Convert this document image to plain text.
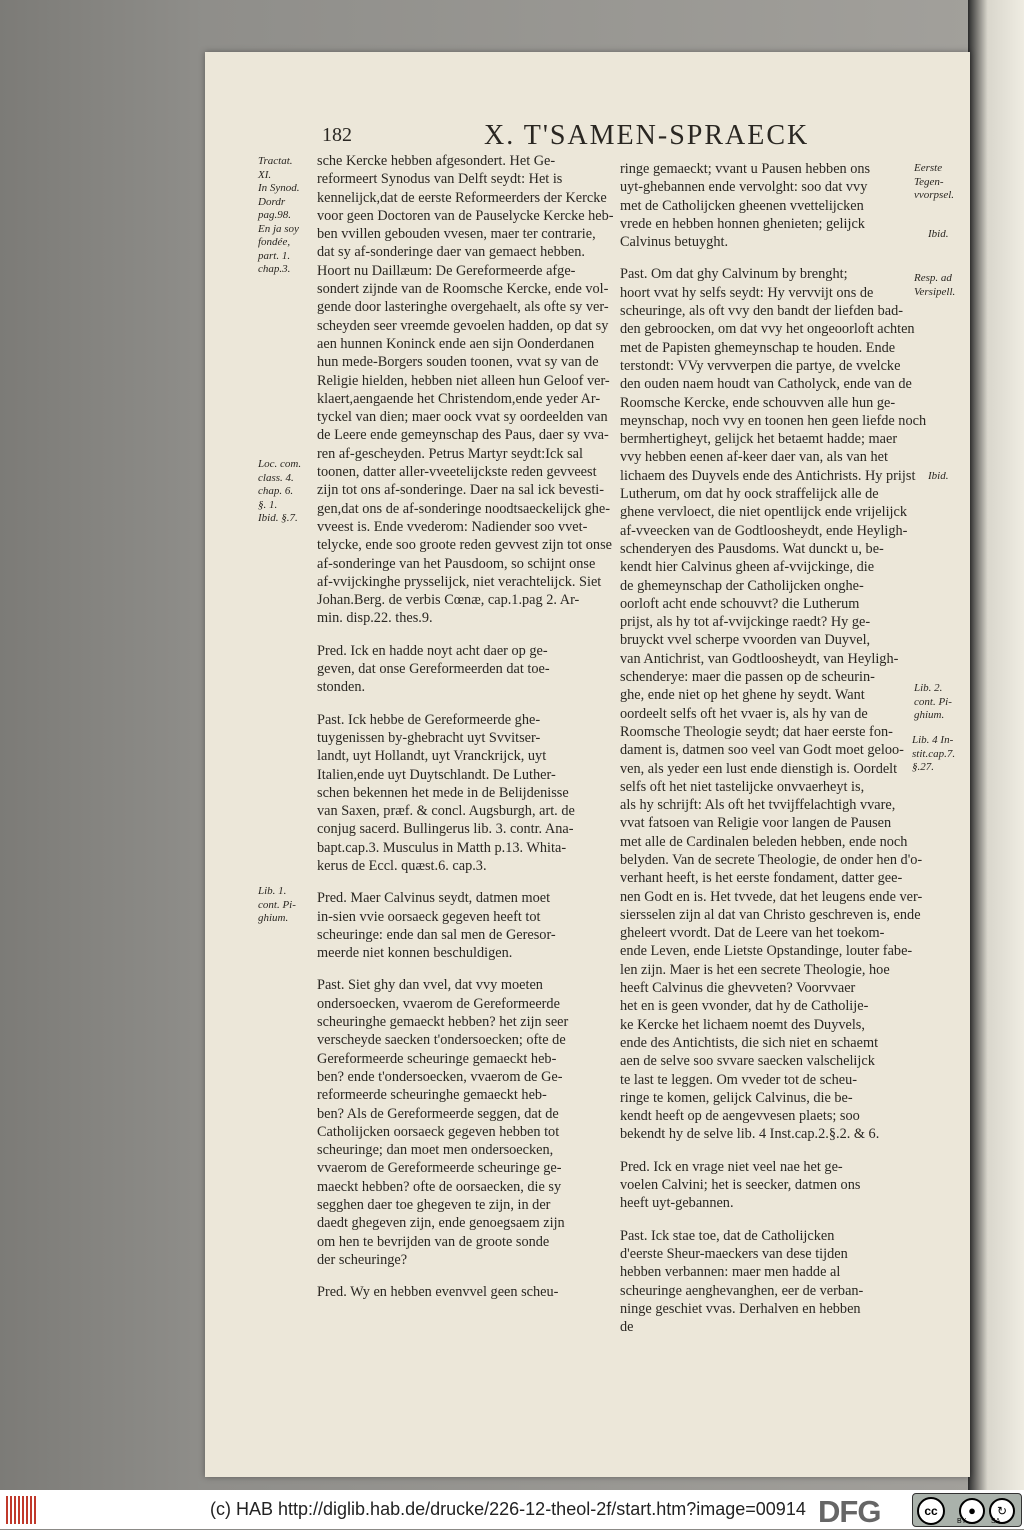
182	X. T'SAMEN-SPRAECK
sche Kercke hebben afgesondert. Het Ge-
reformeert Synodus van Delft seydt: Het is
kennelijck,dat de eerste Reformeerders der Kercke
voor geen Doctoren van de Pauselycke Kercke heb-
ben vvillen gebouden vvesen, maer ter contrarie,
dat sy af-sonderinge daer van gemaect hebben.
Hoort nu Daillæum: De Gereformeerde afge-
sondert zijnde van de Roomsche Kercke, ende vol-
gende door lasteringhe overgehaelt, als ofte sy ver-
scheyden seer vreemde gevoelen hadden, op dat sy
aen hunnen Koninck ende aen sijn Oonderdanen
hun mede-Borgers souden toonen, vvat sy van de
Religie hielden, hebben niet alleen hun Geloof ver-
klaert,aengaende het Christendom,ende yeder Ar-
tyckel van dien; maer oock vvat sy oordeelden van
de Leere ende gemeynschap des Paus, daer sy vva-
ren af-gescheyden. Petrus Martyr seydt:Ick sal
toonen, datter aller-vveetelijckste reden gevveest
zijn tot ons af-sonderinge. Daer na sal ick bevesti-
gen,dat ons de af-sonderinge noodtsaeckelijck ghe-
vveest is. Ende vvederom: Nadiender soo vvet-
telycke, ende soo groote reden gevvest zijn tot onse
af-sonderinge van het Pausdoom, so schijnt onse
af-vvijckinghe prysselijck, niet verachtelijck. Siet
Johan.Berg. de verbis Cœnæ, cap.1.pag 2. Ar-
min. disp.22. thes.9.
Pred. Ick en hadde noyt acht daer op ge-
geven, dat onse Gereformeerden dat toe-
stonden.
Past. Ick hebbe de Gereformeerde ghe-
tuygenissen by-ghebracht uyt Svvitser-
landt, uyt Hollandt, uyt Vranckrijck, uyt
Italien,ende uyt Duytschlandt. De Luther-
schen bekennen het mede in de Belijdenisse
van Saxen, præf. & concl. Augsburgh, art. de
conjug sacerd. Bullingerus lib. 3. contr. Ana-
bapt.cap.3. Musculus in Matth p.13. Whita-
kerus de Eccl. quæst.6. cap.3.
Pred. Maer Calvinus seydt, datmen moet
in-sien vvie oorsaeck gegeven heeft tot
scheuringe: ende dan sal men de Geresor-
meerde niet konnen beschuldigen.
Past. Siet ghy dan vvel, dat vvy moeten
ondersoecken, vvaerom de Gereformeerde
scheuringhe gemaeckt hebben? het zijn seer
verscheyde saecken t'ondersoecken; ofte de
Gereformeerde scheuringe gemaeckt heb-
ben? ende t'ondersoecken, vvaerom de Ge-
reformeerde scheuringhe gemaeckt heb-
ben? Als de Gereformeerde seggen, dat de
Catholijcken oorsaeck gegeven hebben tot
scheuringe; dan moet men ondersoecken,
vvaerom de Gereformeerde scheuringe ge-
maeckt hebben? ofte de oorsaecken, die sy
segghen daer toe ghegeven te zijn, in der
daedt ghegeven zijn, ende genoegsaem zijn
om hen te bevrijden van de groote sonde
der scheuringe?
Pred. Wy en hebben evenvvel geen scheu-
ringe gemaeckt; vvant u Pausen hebben ons
uyt-ghebannen ende vervolght: soo dat vvy
met de Catholijcken gheenen vvettelijcken
vrede en hebben honnen ghenieten; gelijck
Calvinus betuyght.
Past. Om dat ghy Calvinum by brenght;
hoort vvat hy selfs seydt: Hy vervvijt ons de
scheuringe, als oft vvy den bandt der liefden bad-
den gebroocken, om dat vvy het ongeoorloft achten
met de Papisten ghemeynschap te houden. Ende
terstondt: VVy vervverpen die partye, de vvelcke
den ouden naem houdt van Catholyck, ende van de
Roomsche Kercke, ende schouvven alle hun ge-
meynschap, noch vvy en toonen hen geen liefde noch
bermhertigheyt, gelijck het betaemt hadde; maer
vvy hebben eenen af-keer daer van, als van het
lichaem des Duyvels ende des Antichrists. Hy prijst
Lutherum, om dat hy oock straffelijck alle de
ghene vervloect, die niet opentlijck ende vrijelijck
af-vveecken van de Godtloosheydt, ende Heyligh-
schenderyen des Pausdoms. Wat dunckt u, be-
kendt hier Calvinus gheen af-vvijckinge, die
de ghemeynschap der Catholijcken onghe-
oorloft acht ende schouvvt? die Lutherum
prijst, als hy tot af-vvijckinge raedt? Hy ge-
bruyckt vvel scherpe vvoorden van Duyvel,
van Antichrist, van Godtloosheydt, van Heyligh-
schenderye: maer die passen op de scheurin-
ghe, ende niet op het ghene hy seydt. Want
oordeelt selfs oft het vvaer is, als hy van de
Roomsche Theologie seydt; dat haer eerste fon-
dament is, datmen soo veel van Godt moet geloo-
ven, als yeder een lust ende dienstigh is. Oordelt
selfs oft het niet tastelijcke onvvaerheyt is,
als hy schrijft: Als oft het tvvijffelachtigh vvare,
vvat fatsoen van Religie voor langen de Pausen
met alle de Cardinalen beleden hebben, ende noch
belyden. Van de secrete Theologie, de onder hen d'o-
verhant heeft, is het eerste fondament, datter gee-
nen Godt en is. Het tvvede, dat het leugens ende ver-
siersselen zijn al dat van Christo geschreven is, ende
gheleert vvordt. Dat de Leere van het toekom-
ende Leven, ende Lietste Opstandinge, louter fabe-
len zijn. Maer is het een secrete Theologie, hoe
heeft Calvinus die ghevveten? Voorvvaer
het en is geen vvonder, dat hy de Catholije-
ke Kercke het lichaem noemt des Duyvels,
ende des Antichtists, die sich niet en schaemt
aen de selve soo svvare saecken valschelijck
te last te leggen. Om vveder tot de scheu-
ringe te komen, gelijck Calvinus, die be-
kendt heeft op de aengevvesen plaets; soo
bekendt hy de selve lib. 4 Inst.cap.2.§.2. & 6.
Pred. Ick en vrage niet veel nae het ge-
voelen Calvini; het is seecker, datmen ons
heeft uyt-gebannen.
Past. Ick stae toe, dat de Catholijcken
d'eerste Sheur-maeckers van dese tijden
hebben verbannen: maer men hadde al
scheuringe aenghevanghen, eer de verban-
ninge geschiet vvas. Derhalven en hebben
de
Tractat.
XI.
In Synod.
Dordr
pag.98.
En ja soy
fondée,
part. 1.
chap.3.
Loc. com.
class. 4.
chap. 6.
§. 1.
Ibid. §.7.
Lib. 1.
cont. Pi-
ghium.
Eerste
Tegen-
vvorpsel.
Ibid.
Resp. ad
Versipell.
Ibid.
Lib. 2.
cont. Pi-
ghium.
Lib. 4 In-
stit.cap.7.
§.27.
(c) HAB http://diglib.hab.de/drucke/226-12-theol-2f/start.htm?image=00914 DFG	cc	●	↻
BY	SA
